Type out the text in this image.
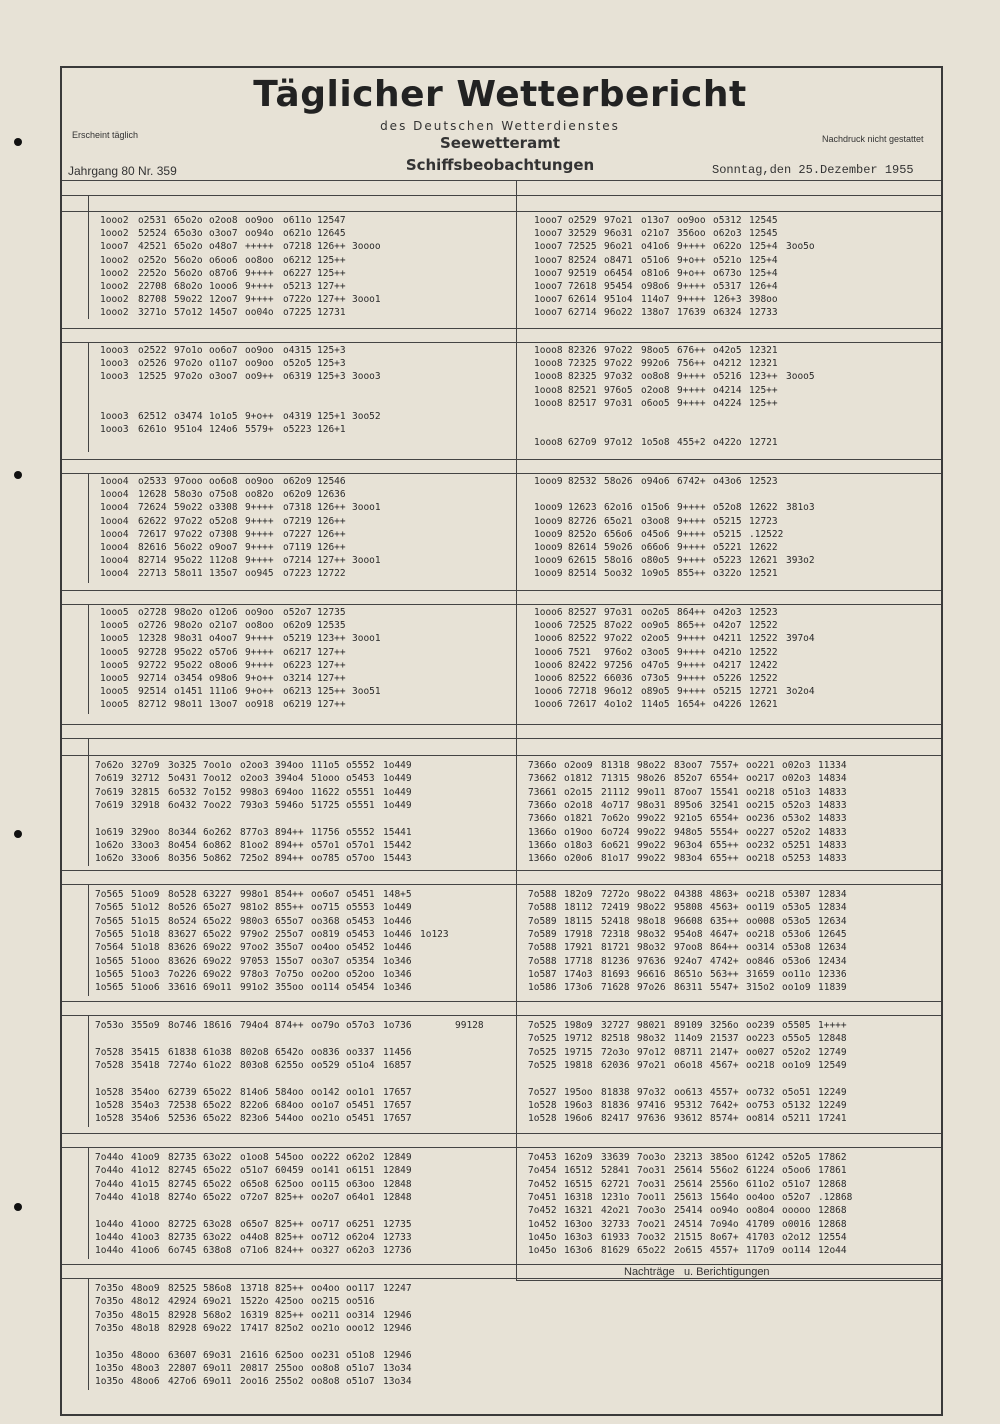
Täglicher Wetterbericht
des Deutschen Wetterdienstes
Seewetteramt
Schiffsbeobachtungen
Erscheint täglich	Nachdruck nicht gestattet
Jahrgang 80 Nr. 359	Sonntag,den 25.Dezember 1955
1ooo2 o2531 65o2o o2oo8 oo9oo o611o 12547
1ooo2 52524 65o3o o3oo7 oo94o o621o 12645
1ooo7 42521 65o2o o48o7 +++++ o7218 126++ 3oooo
1ooo2 o252o 56o2o o6oo6 oo8oo o6212 125++
1ooo2 2252o 56o2o o87o6 9++++ o6227 125++
1ooo2 22708 68o2o 1ooo6 9++++ o5213 127++
1ooo2 82708 59o22 12oo7 9++++ o722o 127++ 3ooo1
1ooo2 3271o 57o12 145o7 oo04o o7225 12731
1ooo7 o2529 97o21 o13o7 oo9oo o5312 12545
1ooo7 32529 96o31 o21o7 356oo o62o3 12545
1ooo7 72525 96o21 o41o6 9++++ o622o 125+4 3oo5o
1ooo7 82524 o8471 o51o6 9+o++ o521o 125+4
1ooo7 92519 o6454 o81o6 9+o++ o673o 125+4
1ooo7 72618 95454 o98o6 9++++ o5317 126+4
1ooo7 62614 951o4 114o7 9++++ 126+3 398oo
1ooo7 62714 96o22 138o7 17639 o6324 12733
1ooo3 o2522 97o1o oo6o7 oo9oo o4315 125+3
1ooo3 o2526 97o2o o11o7 oo9oo o52o5 125+3
1ooo3 12525 97o2o o3oo7 oo9++ o6319 125+3 3ooo3
1ooo3 62512 o3474 1o1o5 9+o++ o4319 125+1 3oo52
1ooo3 6261o 951o4 124o6 5579+ o5223 126+1
1ooo8 82326 97o22 98oo5 676++ o42o5 12321
1ooo8 72325 97o22 992o6 756++ o4212 12321
1ooo8 82325 97o32 oo8o8 9++++ o5216 123++ 3ooo5
1ooo8 82521 976o5 o2oo8 9++++ o4214 125++
1ooo8 82517 97o31 o6oo5 9++++ o4224 125++
1ooo8 627o9 97o12 1o5o8 455+2 o422o 12721
1ooo4 o2533 97ooo oo6o8 oo9oo o62o9 12546
1ooo4 12628 58o3o o75o8 oo82o o62o9 12636
1ooo4 72624 59o22 o3308 9++++ o7318 126++ 3ooo1
1ooo4 62622 97o22 o52o8 9++++ o7219 126++
1ooo4 72617 97o22 o7308 9++++ o7227 126++
1ooo4 82616 56o22 o9oo7 9++++ o7119 126++
1ooo4 82714 95o22 112o8 9++++ o7214 127++ 3ooo1
1ooo4 22713 58o11 135o7 oo945 o7223 12722
1ooo9 82532 58o26 o94o6 6742+ o43o6 12523
1ooo9 12623 62o16 o15o6 9++++ o52o8 12622 381o3
1ooo9 82726 65o21 o3oo8 9++++ o5215 12723
1ooo9 8252o 656o6 o45o6 9++++ o5215 .12522
1ooo9 82614 59o26 o66o6 9++++ o5221 12622
1ooo9 62615 58o16 o80o5 9++++ o5223 12621 393o2
1ooo9 82514 5oo32 1o9o5 855++ o322o 12521
1ooo5 o2728 98o2o o12o6 oo9oo o52o7 12735
1ooo5 o2726 98o2o o21o7 oo8oo o62o9 12535
1ooo5 12328 98o31 o4oo7 9++++ o5219 123++ 3ooo1
1ooo5 92728 95o22 o57o6 9++++ o6217 127++
1ooo5 92722 95o22 o8oo6 9++++ o6223 127++
1ooo5 92714 o3454 o98o6 9+o++ o3214 127++
1ooo5 92514 o1451 111o6 9+o++ o6213 125++ 3oo51
1ooo5 82712 98o11 13oo7 oo918 o6219 127++
1ooo6 82527 97o31 oo2o5 864++ o42o3 12523
1ooo6 72525 87o22 oo9o5 865++ o42o7 12522
1ooo6 82522 97o22 o2oo5 9++++ o4211 12522 397o4
1ooo6 7521 976o2 o3oo5 9++++ o421o 12522
1ooo6 82422 97256 o47o5 9++++ o4217 12422
1ooo6 82522 66036 o73o5 9++++ o5226 12522
1ooo6 72718 96o12 o89o5 9++++ o5215 12721 3o2o4
1ooo6 72617 4o1o2 114o5 1654+ o4226 12621
7o62o 327o9 3o325 7oo1o o2oo3 394oo 111o5 o5552 1o449
7o619 32712 5o431 7oo12 o2oo3 394o4 51ooo o5453 1o449
7o619 32815 6o532 7o152 998o3 694oo 11622 o5551 1o449
7o619 32918 6o432 7oo22 793o3 5946o 51725 o5551 1o449
1o619 329oo 8o344 6o262 877o3 894++ 11756 o5552 15441
1o62o 33oo3 8o454 6o862 81oo2 894++ o57o1 o57o1 15442
1o62o 33oo6 8o356 5o862 725o2 894++ oo785 o57oo 15443
7366o o2oo9 81318 98o22 83oo7 7557+ oo221 o02o3 11334
73662 o1812 71315 98o26 852o7 6554+ oo217 o02o3 14834
73661 o2o15 21112 99o11 87oo7 15541 oo218 o51o3 14833
7366o o2o18 4o717 98o31 895o6 32541 oo215 o52o3 14833
7366o o1821 7o62o 99o22 921o5 6554+ oo236 o53o2 14833
1366o o19oo 6o724 99o22 948o5 5554+ oo227 o52o2 14833
1366o o18o3 6o621 99o22 963o4 655++ oo232 o5251 14833
1366o o20o6 81o17 99o22 983o4 655++ oo218 o5253 14833
7o565 51oo9 8o528 63227 998o1 854++ oo6o7 o5451 148+5
7o565 51o12 8o526 65o27 981o2 855++ oo715 o5553 1o449
7o565 51o15 8o524 65o22 980o3 655o7 oo368 o5453 1o446
7o565 51o18 83627 65o22 979o2 255o7 oo819 o5453 1o446 1o123
7o564 51o18 83626 69o22 97oo2 355o7 oo4oo o5452 1o446
1o565 51ooo 83626 69o22 97053 155o7 oo3o7 o5354 1o346
1o565 51oo3 7o226 69o22 978o3 7o75o oo2oo o52oo 1o346
1o565 51oo6 33616 69o11 991o2 355oo oo114 o5454 1o346
7o588 182o9 7272o 98o22 04388 4863+ oo218 o5307 12834
7o588 18112 72419 98o22 95808 4563+ oo119 o53o5 12834
7o589 18115 52418 98o18 96608 635++ oo008 o53o5 12634
7o589 17918 72318 98o32 954o8 4647+ oo218 o53o6 12645
7o588 17921 81721 98o32 97oo8 864++ oo314 o53o8 12634
7o588 17718 81236 97636 924o7 4742+ oo846 o53o6 12434
1o587 174o3 81693 96616 8651o 563++ 31659 oo11o 12336
1o586 173o6 71628 97o26 86311 5547+ 315o2 oo1o9 11839
7o53o 355o9 8o746 18616 794o4 874++ oo79o o57o3 1o736	99128
7o528 35415 61838 61o38 802o8 6542o oo836 oo337 11456
7o528 35418 7274o 61o22 803o8 6255o oo529 o51o4 16857
1o528 354oo 62739 65o22 814o6 584oo oo142 oo1o1 17657
1o528 354o3 72538 65o22 822o6 684oo oo1o7 o5451 17657
1o528 354o6 52536 65o22 823o6 544oo oo21o o5451 17657
7o525 198o9 32727 98021 89109 3256o oo239 o5505 1++++
7o525 19712 82518 98o32 114o9 21537 oo223 o55o5 12848
7o525 19715 72o3o 97o12 08711 2147+ oo027 o52o2 12749
7o525 19818 62036 97o21 o6o18 4567+ oo218 oo1o9 12549
7o527 195oo 81838 97o32 oo613 4557+ oo732 o5o51 12249
1o528 196o3 81836 97416 95312 7642+ oo753 o5132 12249
1o528 196o6 82417 97636 93612 8574+ oo814 o5211 17241
7o44o 41oo9 82735 63o22 o1oo8 545oo oo222 o62o2 12849
7o44o 41o12 82745 65o22 o51o7 60459 oo141 o6151 12849
7o44o 41o15 82745 65o22 o65o8 625oo oo115 o63oo 12848
7o44o 41o18 8274o 65o22 o72o7 825++ oo2o7 o64o1 12848
1o44o 41ooo 82725 63o28 o65o7 825++ oo717 o6251 12735
1o44o 41oo3 82735 63o22 o44o8 825++ oo712 o62o4 12733
1o44o 41oo6 6o745 638o8 o71o6 824++ oo327 o62o3 12736
7o453 162o9 33639 7oo3o 23213 385oo 61242 o52o5 17862
7o454 16512 52841 7oo31 25614 556o2 61224 o5oo6 17861
7o452 16515 62721 7oo31 25614 2556o 611o2 o51o7 12868
7o451 16318 1231o 7oo11 25613 1564o oo4oo o52o7 .12868
7o452 16321 42o21 7oo3o 25414 oo94o oo8o4 ooooo 12868
1o452 163oo 32733 7oo21 24514 7o94o 41709 o0016 12868
1o45o 163o3 61933 7oo32 21515 8o67+ 41703 o2o12 12554
1o45o 163o6 81629 65o22 2o615 4557+ 117o9 oo114 12o44
7o35o 48oo9 82525 586o8 13718 825++ oo4oo oo117 12247
7o35o 48o12 42924 69o21 1522o 425oo oo215 oo516
7o35o 48o15 82928 568o2 16319 825++ oo211 oo314 12946
7o35o 48o18 82928 69o22 17417 825o2 oo21o ooo12 12946
1o35o 48ooo 63607 69o31 21616 625oo oo231 o51o8 12946
1o35o 48oo3 22807 69o11 20817 255oo oo8o8 o51o7 13o34
1o35o 48oo6 427o6 69o11 2oo16 255o2 oo8o8 o51o7 13o34
Nachträge u. Berichtigungen
